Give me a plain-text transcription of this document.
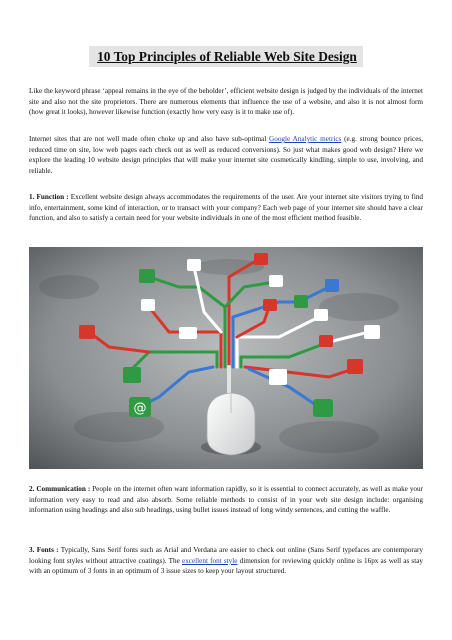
10 Top Principles of Reliable Web Site Design

Like the keyword phrase ‘appeal remains in the eye of the beholder’, efficient website design is judged by the individuals of the internet site and also not the site proprietors. There are numerous elements that influence the use of a website, and also it is not almost form (how great it looks), however likewise function (exactly how very easy is it to make use of).

Internet sites that are not well made often choke up and also have sub-optimal Google Analytic metrics (e.g. strong bounce prices, reduced time on site, low web pages each check out as well as reduced conversions). So just what makes good web design? Here we explore the leading 10 website design principles that will make your internet site cosmetically kindling, simple to use, involving, and reliable.

1. Function : Excellent website design always accommodates the requirements of the user. Are your internet site visitors trying to find info, entertainment, some kind of interaction, or to transact with your company? Each web page of your internet site should have a clear function, and also to satisfy a certain need for your website individuals in one of the most efficient method feasible.

@

2. Communication : People on the internet often want information rapidly, so it is essential to connect accurately, as well as make your information very easy to read and also absorb. Some reliable methods to consist of in your web site design include: organising information using headings and also sub headings, using bullet issues instead of long windy sentences, and cutting the waffle.

3. Fonts : Typically, Sans Serif fonts such as Arial and Verdana are easier to check out online (Sans Serif typefaces are contemporary looking font styles without attractive coatings). The excellent font style dimension for reviewing quickly online is 16px as well as stay with an optimum of 3 fonts in an optimum of 3 issue sizes to keep your layout structured.
